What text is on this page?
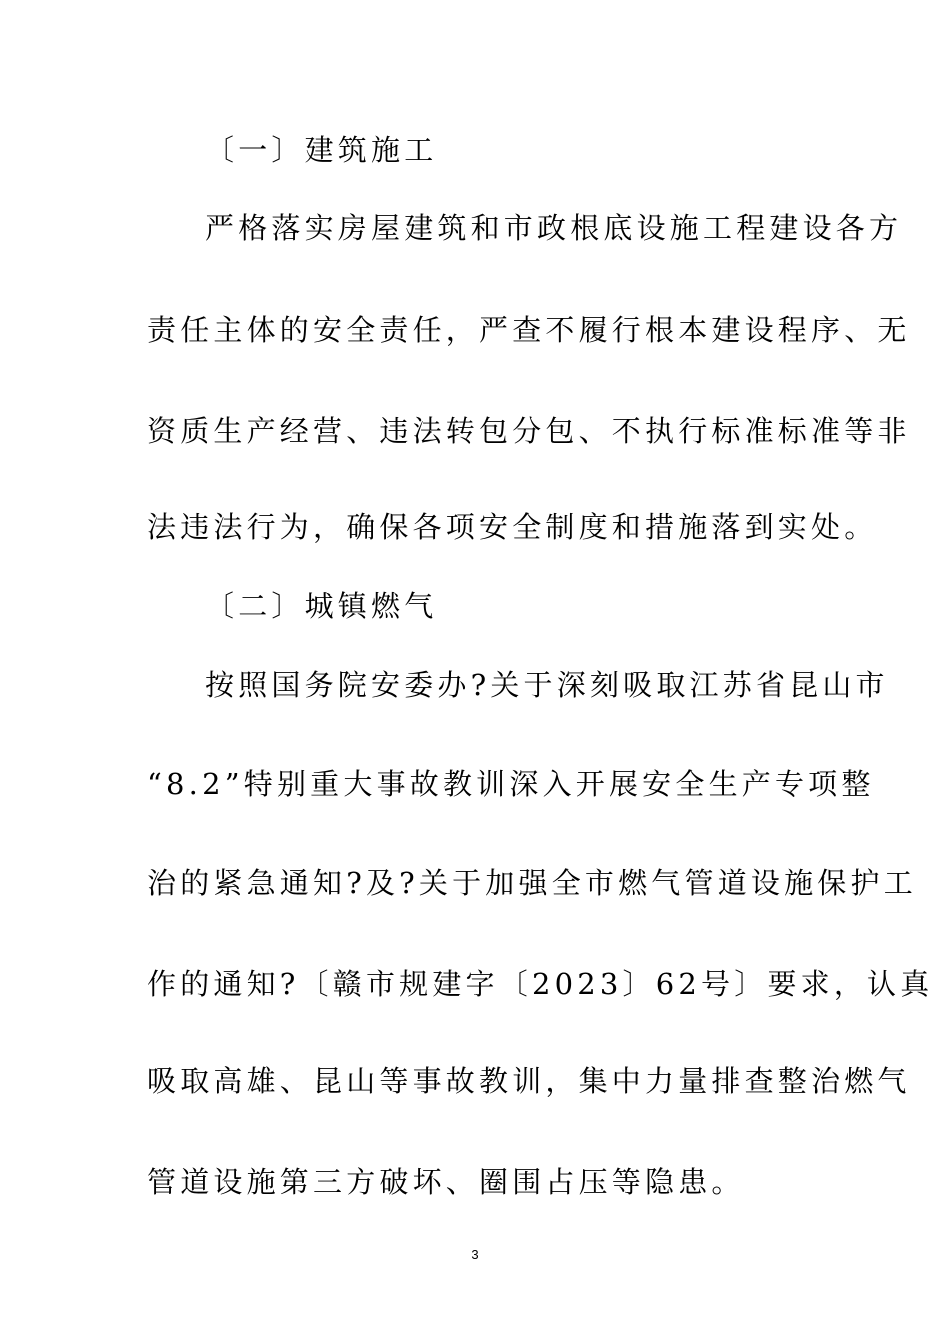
〔一〕建筑施工
严格落实房屋建筑和市政根底设施工程建设各方
责任主体的安全责任，严查不履行根本建设程序、无
资质生产经营、违法转包分包、不执行标准标准等非
法违法行为，确保各项安全制度和措施落到实处。
〔二〕城镇燃气
按照国务院安委办?关于深刻吸取江苏省昆山市
“8.2”特别重大事故教训深入开展安全生产专项整
治的紧急通知?及?关于加强全市燃气管道设施保护工
作的通知?〔赣市规建字〔2023〕62号〕要求，认真
吸取高雄、昆山等事故教训，集中力量排查整治燃气
管道设施第三方破坏、圈围占压等隐患。
3
